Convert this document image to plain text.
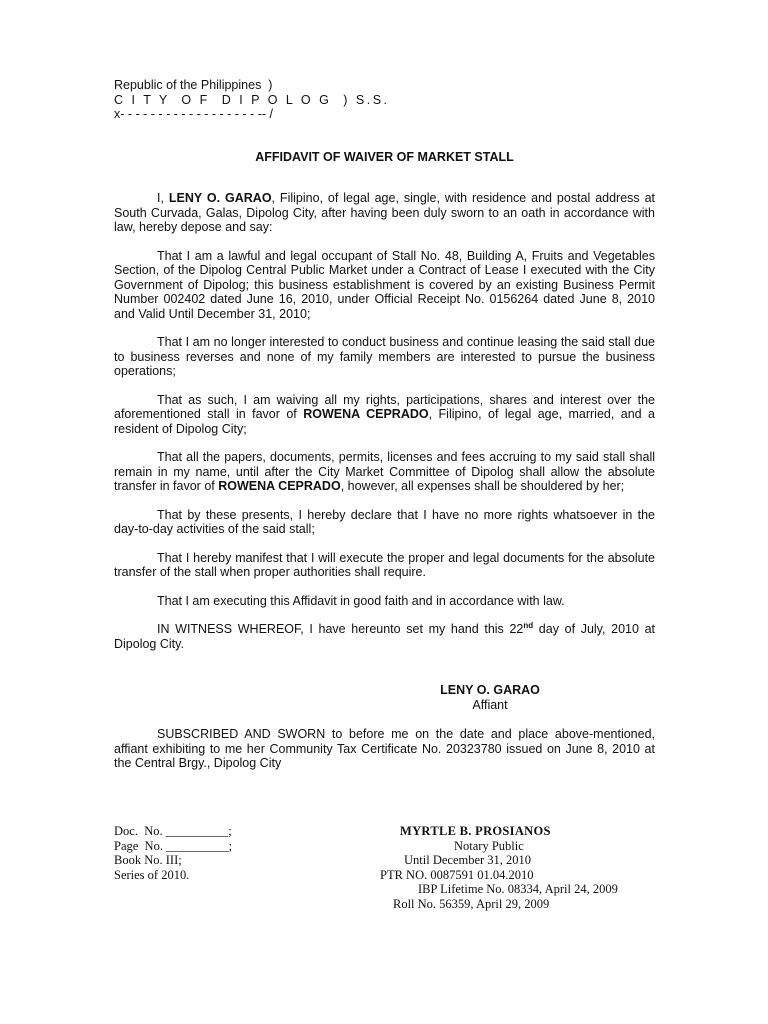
Republic of the Philippines  )
C I T Y  O F  D I P O L O G  ) S.S.
x- - - - - - - - - - - - - - - - - - -- /
AFFIDAVIT OF WAIVER OF MARKET STALL

I, LENY O. GARAO, Filipino, of legal age, single, with residence and postal address at South Curvada, Galas, Dipolog City, after having been duly sworn to an oath in accordance with law, hereby depose and say:

That I am a lawful and legal occupant of Stall No. 48, Building A, Fruits and Vegetables Section, of the Dipolog Central Public Market under a Contract of Lease I executed with the City Government of Dipolog; this business establishment is covered by an existing Business Permit Number 002402 dated June 16, 2010, under Official Receipt No. 0156264 dated June 8, 2010 and Valid Until December 31, 2010;

That I am no longer interested to conduct business and continue leasing the said stall due to business reverses and none of my family members are interested to pursue the business operations;

That as such, I am waiving all my rights, participations, shares and interest over the aforementioned stall in favor of ROWENA CEPRADO, Filipino, of legal age, married, and a resident of Dipolog City;

That all the papers, documents, permits, licenses and fees accruing to my said stall shall remain in my name, until after the City Market Committee of Dipolog shall allow the absolute transfer in favor of ROWENA CEPRADO, however, all expenses shall be shouldered by her;

That by these presents, I hereby declare that I have no more rights whatsoever in the day-to-day activities of the said stall;

That I hereby manifest that I will execute the proper and legal documents for the absolute transfer of the stall when proper authorities shall require.

That I am executing this Affidavit in good faith and in accordance with law.

IN WITNESS WHEREOF, I have hereunto set my hand this 22nd day of July, 2010 at Dipolog City.

LENY O. GARAO
Affiant

SUBSCRIBED AND SWORN to before me on the date and place above-mentioned, affiant exhibiting to me her Community Tax Certificate No. 20323780 issued on June 8, 2010 at the Central Brgy., Dipolog City

Doc.  No. __________;
Page  No. __________;
Book No. III;
Series of 2010.
MYRTLE B. PROSIANOS
Notary Public
Until December 31, 2010
PTR NO. 0087591 01.04.2010
IBP Lifetime No. 08334, April 24, 2009
Roll No. 56359, April 29, 2009
